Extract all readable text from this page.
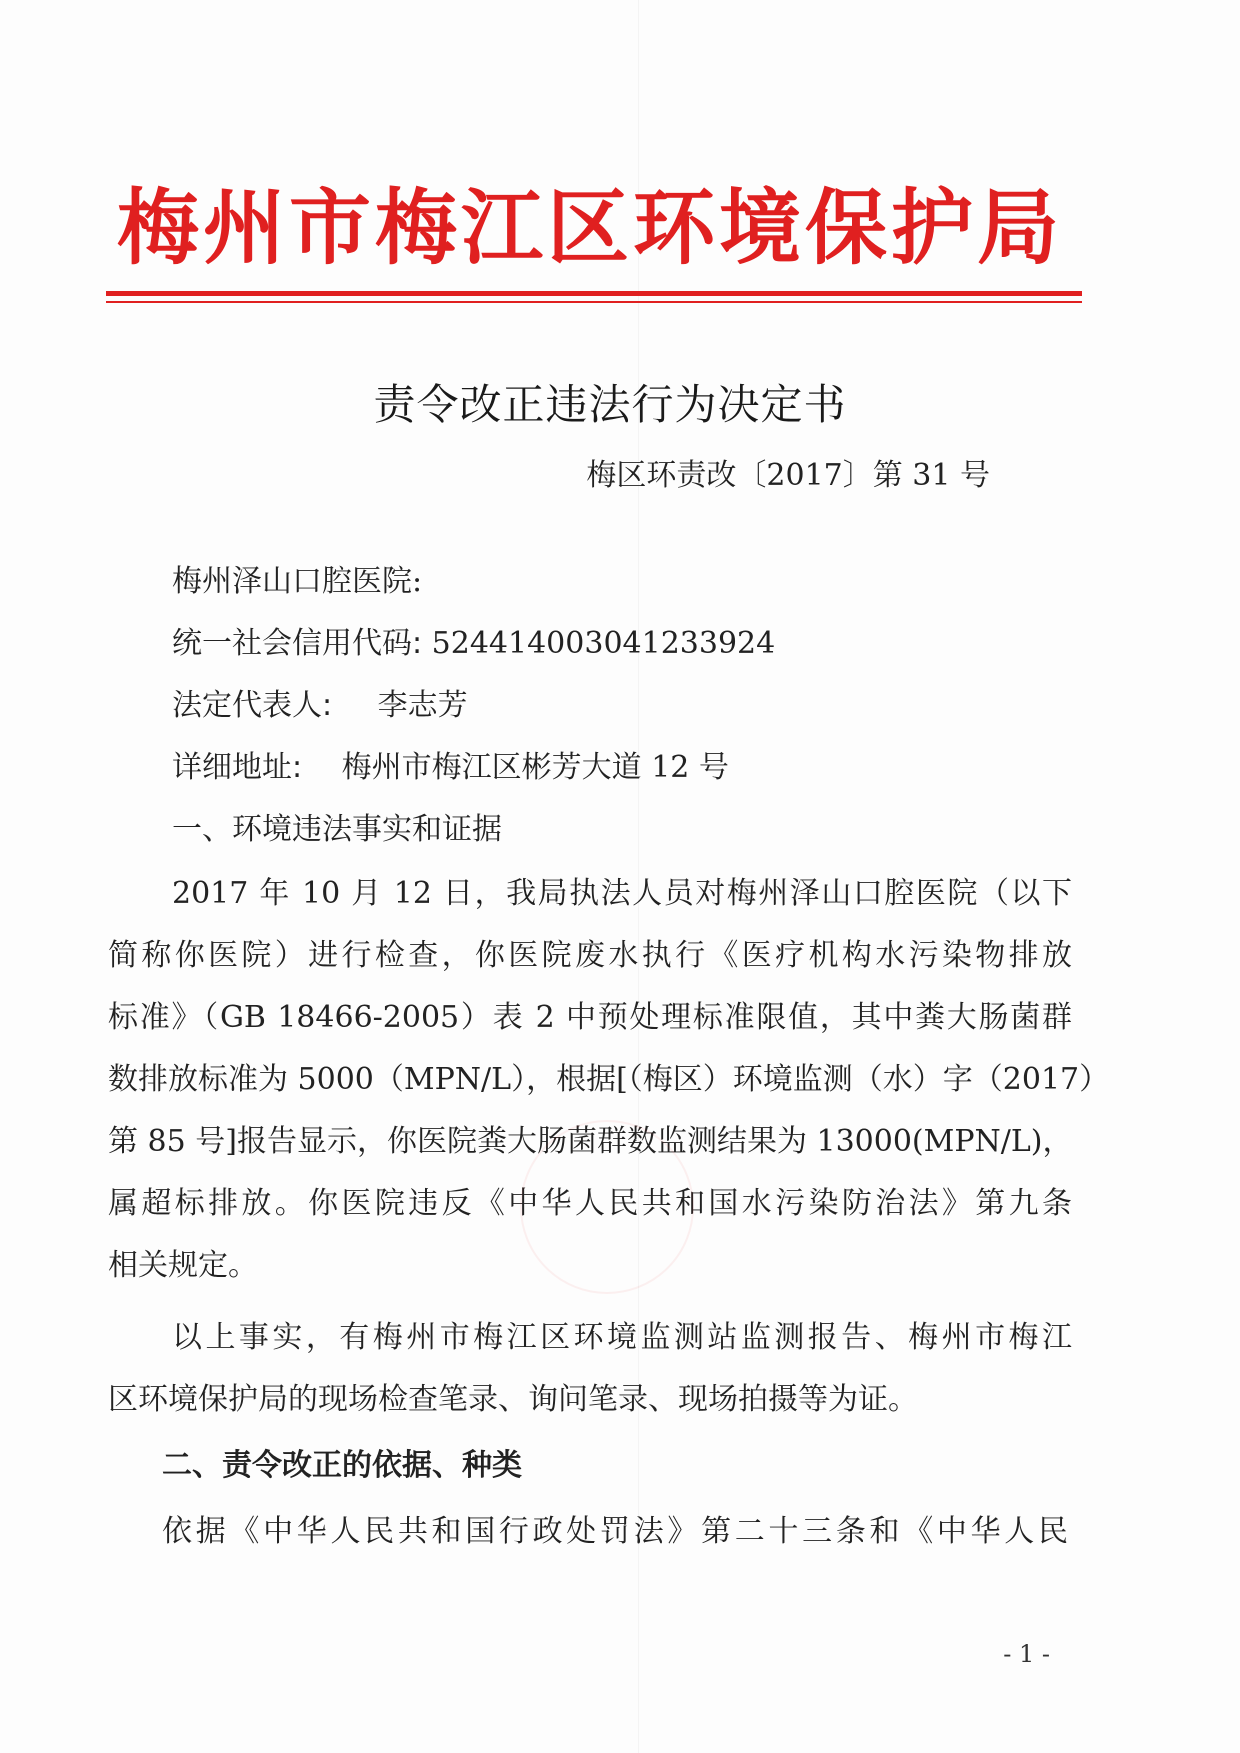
梅州市梅江区环境保护局
责令改正违法行为决定书
梅区环责改〔2017〕第 31 号
梅州泽山口腔医院:
统一社会信用代码: 52441400304123392​4
法定代表人: 李志芳
详细地址: 梅州市梅江区彬芳大道 12 号
一、环境违法事实和证据
2017 年 10 月 12 日，我局执法人员对梅州泽山口腔医院（以下
简称你医院）进行检查，你医院废水执行《医疗机构水污染物排放
标准》（GB 18466-2005）表 2 中预处理标准限值，其中粪大肠菌群
数排放标准为 5000（MPN/L），根据[（梅区）环境监测（水）字（2017）
第 85 号]报告显示，你医院粪大肠菌群数监测结果为 13000(MPN/L)，
属超标排放。你医院违反《中华人民共和国水污染防治法》第九条
相关规定。
以上事实，有梅州市梅江区环境监测站监测报告、梅州市梅江
区环境保护局的现场检查笔录、询问笔录、现场拍摄等为证。
二、责令改正的依据、种类
依据《中华人民共和国行政处罚法》第二十三条和《中华人民
- 1 -
